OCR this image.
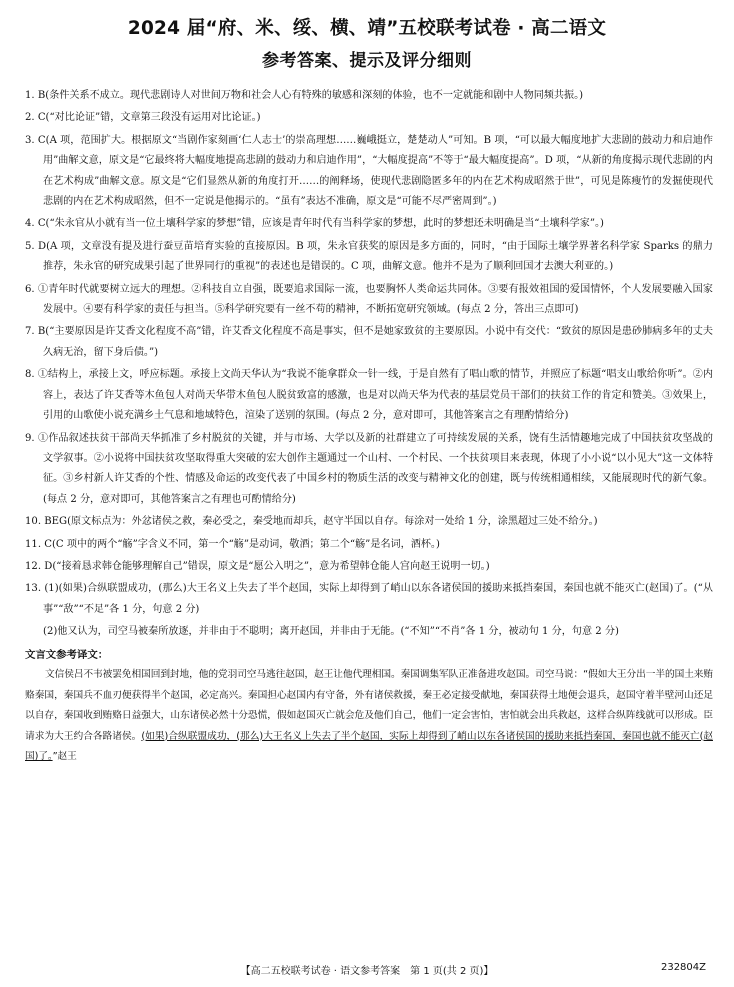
2024 届“府、米、绥、横、靖”五校联考试卷 · 高二语文
参考答案、提示及评分细则

1. B(条件关系不成立。现代悲剧诗人对世间万物和社会人心有特殊的敏感和深刻的体验，也不一定就能和剧中人物同频共振。)

2. C(“对比论证”错，文章第三段没有运用对比论证。)

3. C(A 项，范围扩大。根据原文“当剧作家刻画‘仁人志士’的崇高理想……巍峨挺立，楚楚动人”可知。B 项，“可以最大幅度地扩大悲剧的鼓动力和启迪作用”曲解文意，原文是“它最终将大幅度地提高悲剧的鼓动力和启迪作用”，“大幅度提高”不等于“最大幅度提高”。D 项，“从新的角度揭示现代悲剧的内在艺术构成”曲解文意。原文是“它们显然从新的角度打开……的阐释场，使现代悲剧隐匿多年的内在艺术构成昭然于世”，可见是陈瘦竹的发掘使现代悲剧的内在艺术构成昭然，但不一定说是他揭示的。“虽有”表达不准确，原文是“可能不尽严密周到”。)

4. C(“朱永官从小就有当一位土壤科学家的梦想”错，应该是青年时代有当科学家的梦想，此时的梦想还未明确是当“土壤科学家”。)

5. D(A 项，文章没有提及进行蚕豆苗培育实验的直接原因。B 项，朱永官获奖的原因是多方面的，同时，“由于国际土壤学界著名科学家 Sparks 的鼎力推荐，朱永官的研究成果引起了世界同行的重视”的表述也是错误的。C 项，曲解文意。他并不是为了顺利回国才去澳大利亚的。)

6. ①青年时代就要树立远大的理想。②科技自立自强，既要追求国际一流，也要胸怀人类命运共同体。③要有报效祖国的爱国情怀，个人发展要融入国家发展中。④要有科学家的责任与担当。⑤科学研究要有一丝不苟的精神，不断拓宽研究领域。(每点 2 分，答出三点即可)

7. B(“主要原因是许艾香文化程度不高”错，许艾香文化程度不高是事实，但不是她家致贫的主要原因。小说中有交代：“致贫的原因是患砂肺病多年的丈夫久病无治，留下身后债。”)

8. ①结构上，承接上文，呼应标题。承接上文尚天华认为“我说不能拿群众一针一线，于是自然有了唱山歌的情节，并照应了标题“唱支山歌给你听”。②内容上，表达了许艾香等木鱼包人对尚天华带木鱼包人脱贫致富的感激，也是对以尚天华为代表的基层党员干部们的扶贫工作的肯定和赞美。③效果上，引用的山歌使小说充满乡土气息和地域特色，渲染了送别的氛围。(每点 2 分，意对即可，其他答案言之有理酌情给分)

9. ①作品叙述扶贫干部尚天华抓准了乡村脱贫的关键，并与市场、大学以及新的社群建立了可持续发展的关系，饶有生活情趣地完成了中国扶贫攻坚战的文学叙事。②小说将中国扶贫攻坚取得重大突破的宏大创作主题通过一个山村、一个村民、一个扶贫项目来表现，体现了小小说“以小见大”这一文体特征。③乡村新人许艾香的个性、情感及命运的改变代表了中国乡村的物质生活的改变与精神文化的创建，既与传统相通相续，又能展现时代的新气象。(每点 2 分，意对即可，其他答案言之有理也可酌情给分)

10. BEG(原文标点为：外忿诸侯之救，秦必受之，秦受地而却兵，赵守半国以自存。每涂对一处给 1 分，涂黑超过三处不给分。)

11. C(C 项中的两个“觞”字含义不同，第一个“觞”是动词，敬酒；第二个“觞”是名词，酒杯。)

12. D(“接着恳求韩仓能够理解自己”错误，原文是“愿公入明之”，意为希望韩仓能人宫向赵王说明一切。)

13. (1)(如果)合纵联盟成功，(那么)大王名义上失去了半个赵国，实际上却得到了峭山以东各诸侯国的援助来抵挡秦国，秦国也就不能灭亡(赵国)了。(“从事”“敌”“不足”各 1 分，句意 2 分)

(2)他又认为，司空马被秦所放逐，并非由于不聪明；离开赵国，并非由于无能。(“不知”“不肖”各 1 分，被动句 1 分，句意 2 分)

文言文参考译文：

文信侯吕不韦被罢免相国回到封地，他的党羽司空马逃往赵国，赵王让他代理相国。秦国调集军队正准备进攻赵国。司空马说：“假如大王分出一半的国土来贿赂秦国，秦国兵不血刃便获得半个赵国，必定高兴。秦国担心赵国内有守备，外有诸侯救援，秦王必定接受献地，秦国获得土地便会退兵，赵国守着半壁河山还足以自存，秦国收到贿赂日益强大，山东诸侯必然十分恐慌，假如赵国灭亡就会危及他们自己，他们一定会害怕，害怕就会出兵救赵，这样合纵阵线就可以形成。臣请求为大王约合各路诸侯。(如果)合纵联盟成功，(那么)大王名义上失去了半个赵国，实际上却得到了峭山以东各诸侯国的援助来抵挡秦国，秦国也就不能灭亡(赵国)了。”赵王

【高二五校联考试卷 · 语文参考答案　第 1 页(共 2 页)】	232804Z
